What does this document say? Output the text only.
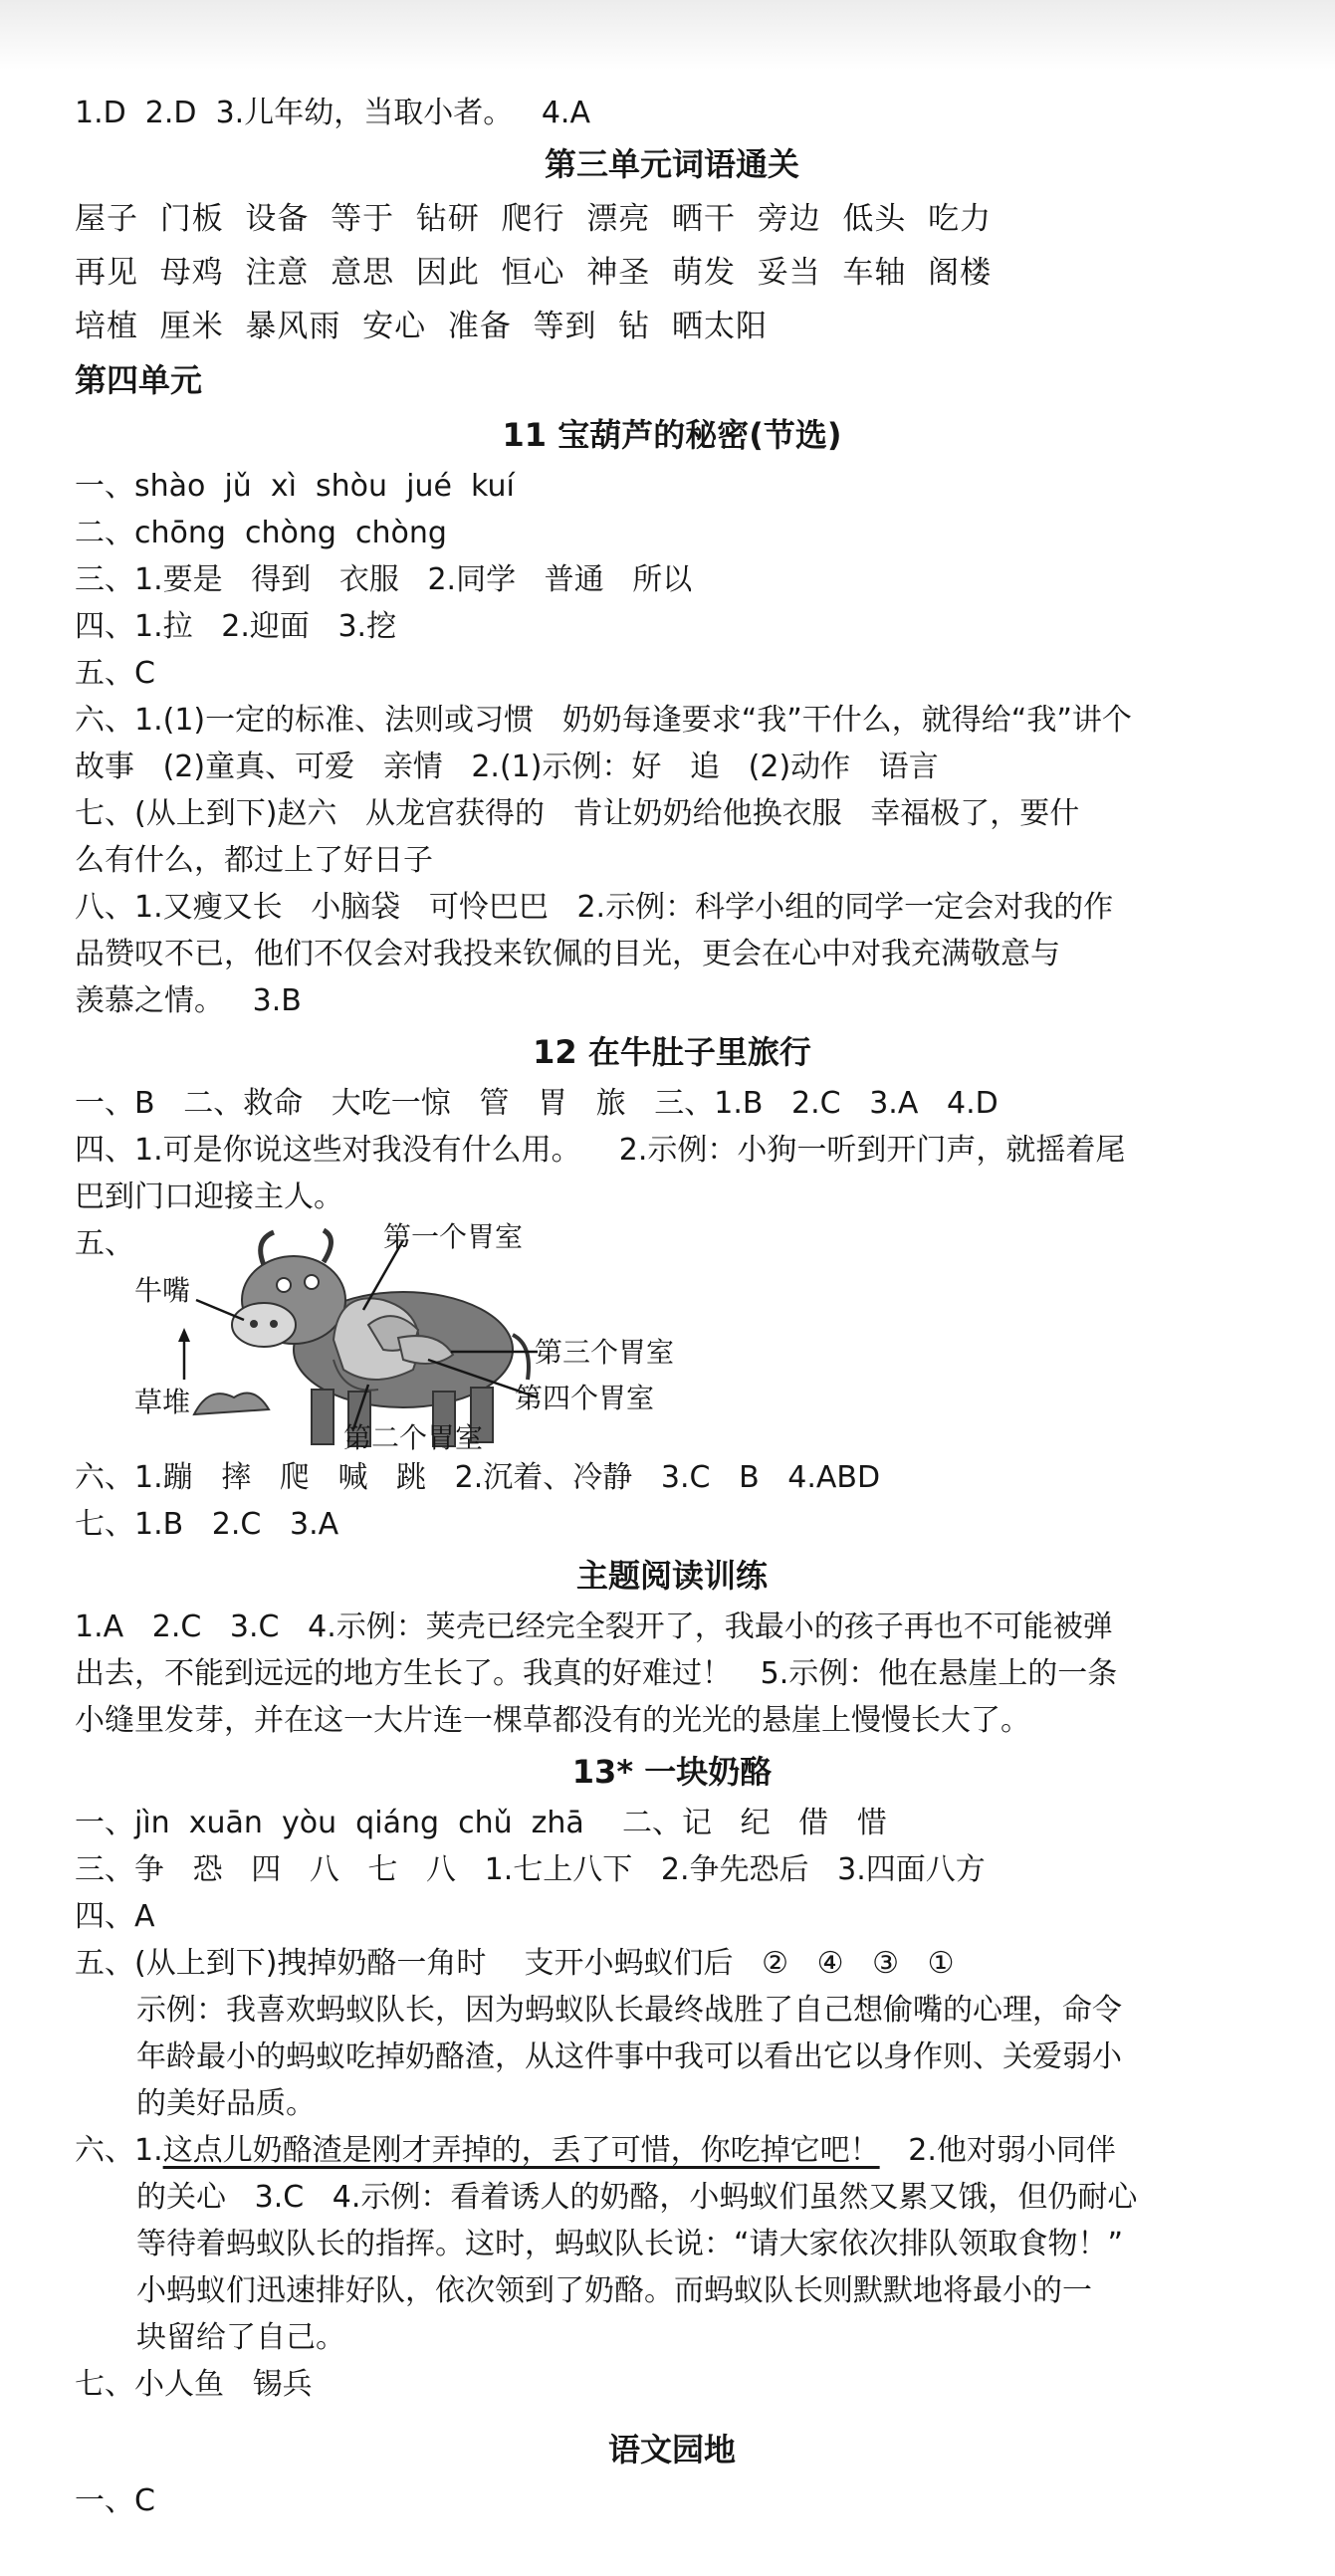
1.D  2.D  3.儿年幼，当取小者。   4.A

第三单元词语通关

屋子  门板  设备  等于  钻研  爬行  漂亮  晒干  旁边  低头  吃力

再见  母鸡  注意  意思  因此  恒心  神圣  萌发  妥当  车轴  阁楼

培植  厘米  暴风雨  安心  准备  等到  钻  晒太阳

第四单元

11 宝葫芦的秘密(节选)

一、shào  jǔ  xì  shòu  jué  kuí

二、chōng  chòng  chòng

三、1.要是   得到   衣服   2.同学   普通   所以

四、1.拉   2.迎面   3.挖

五、C

六、1.(1)一定的标准、法则或习惯   奶奶每逢要求“我”干什么，就得给“我”讲个

故事   (2)童真、可爱   亲情   2.(1)示例：好   追   (2)动作   语言

七、(从上到下)赵六   从龙宫获得的   肯让奶奶给他换衣服   幸福极了，要什

么有什么，都过上了好日子

八、1.又瘦又长   小脑袋   可怜巴巴   2.示例：科学小组的同学一定会对我的作

品赞叹不已，他们不仅会对我投来钦佩的目光，更会在心中对我充满敬意与

羡慕之情。   3.B

12 在牛肚子里旅行

一、B   二、救命   大吃一惊   管   胃   旅   三、1.B   2.C   3.A   4.D

四、1.可是你说这些对我没有什么用。    2.示例：小狗一听到开门声，就摇着尾

巴到门口迎接主人。

五、	第一个胃室
牛嘴
第三个胃室
第四个胃室
草堆
第二个胃室

六、1.蹦   摔   爬   喊   跳   2.沉着、冷静   3.C   B   4.ABD

七、1.B   2.C   3.A

主题阅读训练

1.A   2.C   3.C   4.示例：荚壳已经完全裂开了，我最小的孩子再也不可能被弹

出去，不能到远远的地方生长了。我真的好难过！   5.示例：他在悬崖上的一条

小缝里发芽，并在这一大片连一棵草都没有的光光的悬崖上慢慢长大了。

13* 一块奶酪

一、jìn  xuān  yòu  qiáng  chǔ  zhā    二、记   纪   借   惜

三、争   恐   四   八   七   八   1.七上八下   2.争先恐后   3.四面八方

四、A

五、(从上到下)拽掉奶酪一角时    支开小蚂蚁们后   ②   ④   ③   ①

示例：我喜欢蚂蚁队长，因为蚂蚁队长最终战胜了自己想偷嘴的心理，命令

年龄最小的蚂蚁吃掉奶酪渣，从这件事中我可以看出它以身作则、关爱弱小

的美好品质。

六、1.这点儿奶酪渣是刚才弄掉的，丢了可惜，你吃掉它吧！   2.他对弱小同伴

的关心   3.C   4.示例：看着诱人的奶酪，小蚂蚁们虽然又累又饿，但仍耐心

等待着蚂蚁队长的指挥。这时，蚂蚁队长说：“请大家依次排队领取食物！”

小蚂蚁们迅速排好队，依次领到了奶酪。而蚂蚁队长则默默地将最小的一

块留给了自己。

七、小人鱼   锡兵

语文园地

一、C
